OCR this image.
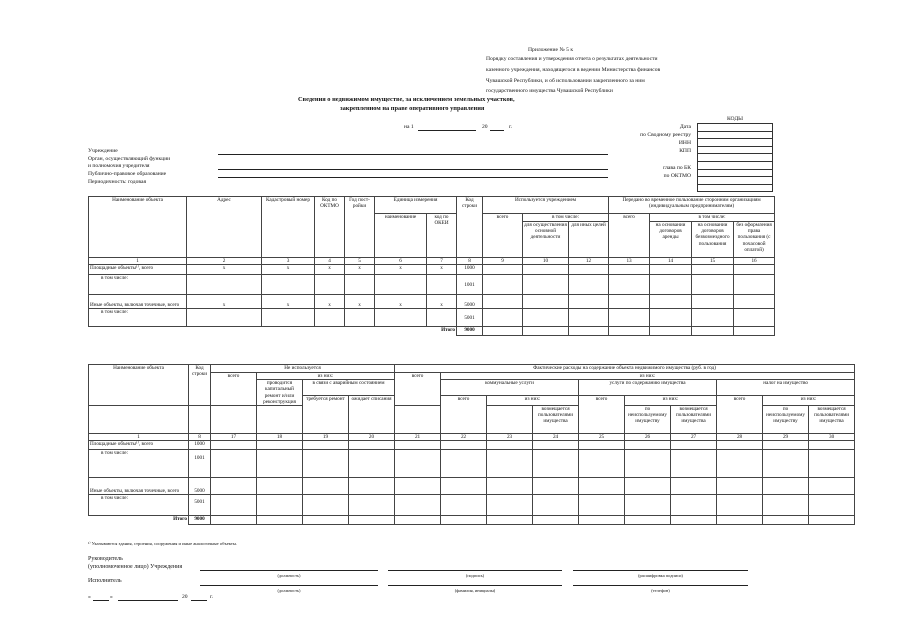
Приложение № 5 к
Порядку составления и утверждения отчета о результатах деятельности
казенного учреждения, находящегося в ведении Министерства финансов
Чувашской Республики, и об использовании закрепленного за ним
государственного имущества Чувашской Республики
Сведения о недвижимом имуществе, за исключением земельных участков,
закрепленном на праве оперативного управления
на 1	20	г.
КОДЫ

Дата
по Сводному реестру
ИНН
КПП
глава по БК
по ОКТМО
Учреждение
Орган, осуществляющий функции
и полномочия учредителя
Публично-правовое образование
Периодичность: годовая
Наименование объекта	Адрес	Кадастровый номер	Код по ОКТМО	Год пост-ройки	Единица измерения		Код строки	Используется учреждением			Передано во временное пользование сторонним организациям (индивидуальным предпринимателям)			
					наименование	код по ОКЕИ		всего	в том числе:		всего	в том числе:		
									для осуществления основной деятельности	для иных целей		на основании договоров аренды	на основании договоров безвозмездного пользования	без оформления права пользования (с почасовой оплатой)
1	2	3	4	5	6	7	8	9	10	12	13	14	15	16
Площадные объекты¹⁾, всего	x	x	x	x	x	x	1000							
в том числе:							1001							
Иные объекты, включая точечные, всего	x	x	x	x	x	x	5000							
в том числе:							5001							
Итого							9000							
Наименование объекта	Код строки	Не используется				Фактические расходы на содержание объекта недвижимого имущества (руб. в год)										
		всего	из них:			всего	из них:									
			проводится капитальный ремонт и/или реконструкция	в связи с аварийным состоянием			коммунальные услуги			услуги по содержанию имущества			налог на имущество			
				требуется ремонт	ожидает списания		всего	из них:		всего	из них:		всего	из них:		
									возмещается пользователями имущества		по неиспользуемому имуществу	возмещается пользователями имущества		по неиспользуемому имуществу	возмещается пользователями имущества	
1	8	17	18	19	20	21	22	23	24	25	26	27	28	29	30	
Площадные объекты¹⁾, всего	1000															
в том числе:	1001															
Иные объекты, включая точечные, всего	5000															
в том числе:	5001															
Итого	9000															
¹⁾ Указываются здания, строения, сооружения и иные аналогичные объекты.
Руководитель
(уполномоченное лицо) Учреждения
(должность)	(подпись)	(расшифровка подписи)
Исполнитель
(должность)	(фамилия, инициалы)	(телефон)
«	»	20	г.
